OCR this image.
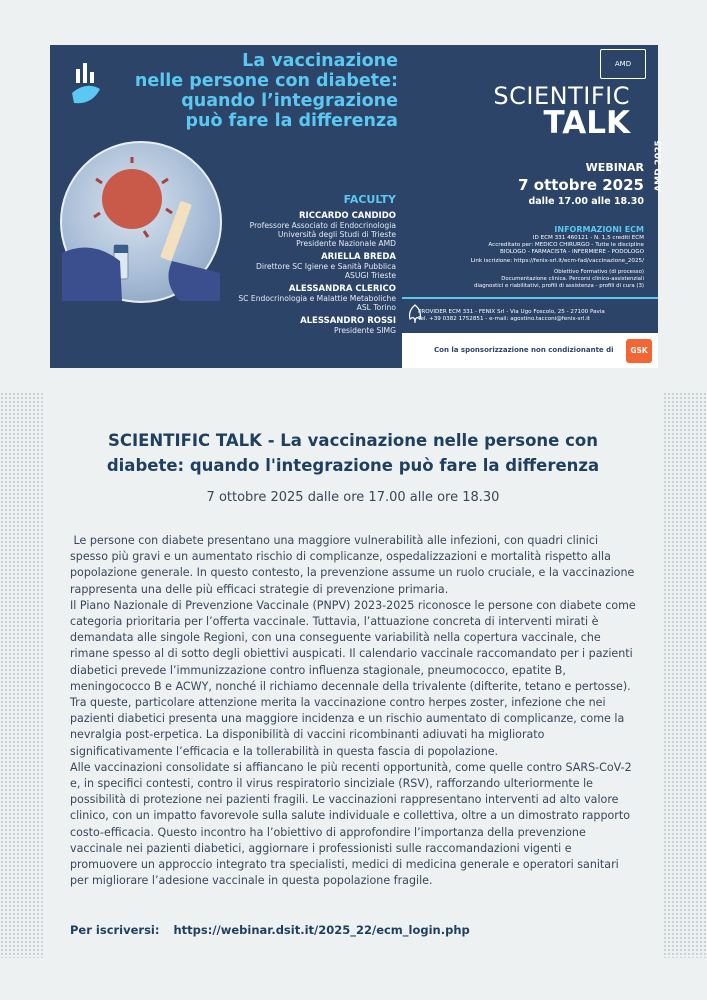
La vaccinazione
nelle persone con diabete:
quando l’integrazione
può fare la differenza
FACULTY
RICCARDO CANDIDO
Professore Associato di Endocrinologia
Università degli Studi di Trieste
Presidente Nazionale AMD
ARIELLA BREDA
Direttore SC Igiene e Sanità Pubblica
ASUGI Trieste
ALESSANDRA CLERICO
SC Endocrinologia e Malattie Metaboliche
ASL Torino
ALESSANDRO ROSSI
Presidente SIMG
AMD
SCIENTIFIC
TALK
AMD 2025
WEBINAR
7 ottobre 2025
dalle 17.00 alle 18.30
INFORMAZIONI ECM
ID ECM 331 460121 - N. 1,5 crediti ECM
Accreditato per: MEDICO CHIRURGO - Tutte le discipline
BIOLOGO - FARMACISTA - INFERMIERE - PODOLOGO
Link iscrizione: https://fenix-srl.it/ecm-fad/vaccinazione_2025/
Obiettivo Formativo (di processo)
Documentazione clinica. Percorsi clinico-assistenziali
diagnostici e riabilitativi, profili di assistenza - profili di cura (3)
PROVIDER ECM 331 - FENIX Srl - Via Ugo Foscolo, 25 - 27100 Pavia
Tel. +39 0382 1752851 - e-mail: agostino.tacconi@fenix-srl.it
Con la sponsorizzazione non condizionante di	GSK
SCIENTIFIC TALK - La vaccinazione nelle persone con
diabete: quando l'integrazione può fare la differenza

7 ottobre 2025 dalle ore 17.00 alle ore 18.30

Le persone con diabete presentano una maggiore vulnerabilità alle infezioni, con quadri clinici spesso più gravi e un aumentato rischio di complicanze, ospedalizzazioni e mortalità rispetto alla popolazione generale. In questo contesto, la prevenzione assume un ruolo cruciale, e la vaccinazione rappresenta una delle più efficaci strategie di prevenzione primaria.

Il Piano Nazionale di Prevenzione Vaccinale (PNPV) 2023-2025 riconosce le persone con diabete come categoria prioritaria per l’offerta vaccinale. Tuttavia, l’attuazione concreta di interventi mirati è demandata alle singole Regioni, con una conseguente variabilità nella copertura vaccinale, che rimane spesso al di sotto degli obiettivi auspicati. Il calendario vaccinale raccomandato per i pazienti diabetici prevede l’immunizzazione contro influenza stagionale, pneumococco, epatite B, meningococco B e ACWY, nonché il richiamo decennale della trivalente (difterite, tetano e pertosse). Tra queste, particolare attenzione merita la vaccinazione contro herpes zoster, infezione che nei pazienti diabetici presenta una maggiore incidenza e un rischio aumentato di complicanze, come la nevralgia post-erpetica. La disponibilità di vaccini ricombinanti adiuvati ha migliorato significativamente l’efficacia e la tollerabilità in questa fascia di popolazione.

Alle vaccinazioni consolidate si affiancano le più recenti opportunità, come quelle contro SARS-CoV-2 e, in specifici contesti, contro il virus respiratorio sinciziale (RSV), rafforzando ulteriormente le possibilità di protezione nei pazienti fragili. Le vaccinazioni rappresentano interventi ad alto valore clinico, con un impatto favorevole sulla salute individuale e collettiva, oltre a un dimostrato rapporto costo-efficacia. Questo incontro ha l’obiettivo di approfondire l’importanza della prevenzione vaccinale nei pazienti diabetici, aggiornare i professionisti sulle raccomandazioni vigenti e promuovere un approccio integrato tra specialisti, medici di medicina generale e operatori sanitari per migliorare l’adesione vaccinale in questa popolazione fragile.

Per iscriversi: https://webinar.dsit.it/2025_22/ecm_login.php
